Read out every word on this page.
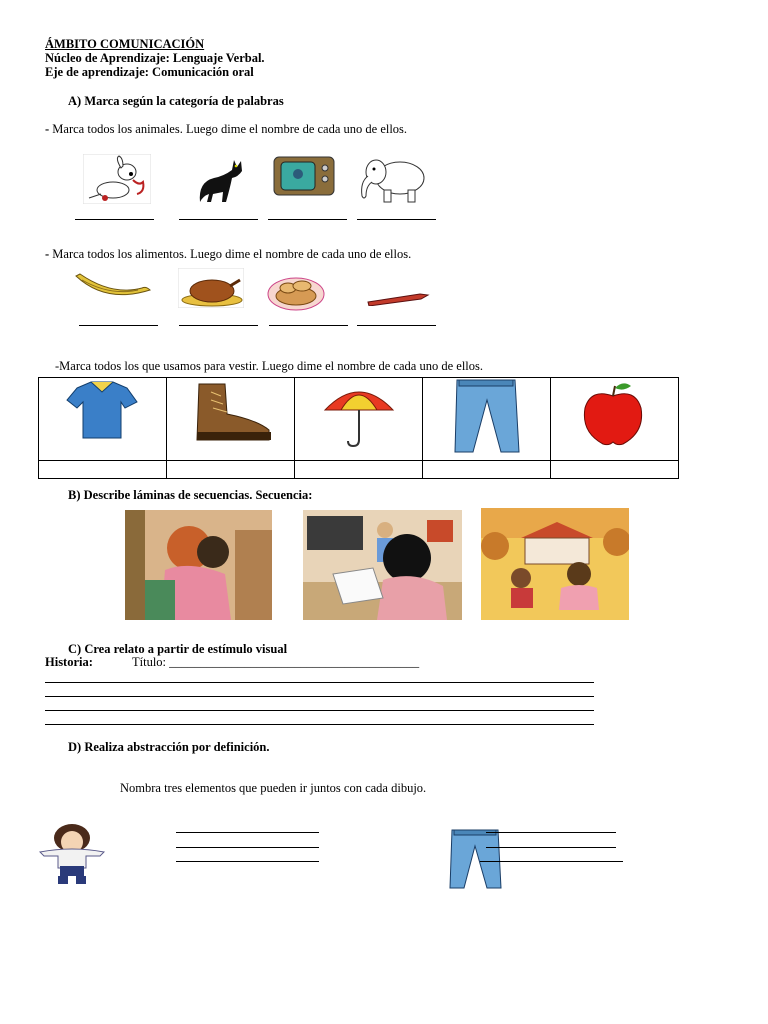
ÁMBITO COMUNICACIÓN
Núcleo de Aprendizaje: Lenguaje Verbal.
Eje de aprendizaje: Comunicación oral
A) Marca según la categoría de palabras
- Marca todos los animales. Luego dime el nombre de cada uno de ellos.
- Marca todos los alimentos. Luego dime el nombre de cada uno de ellos.
-Marca todos los que usamos para vestir. Luego dime el nombre de cada uno de ellos.

B) Describe láminas de secuencias. Secuencia:
C) Crea relato a partir de estímulo visual
Historia:	Título: ________________________________________
D) Realiza abstracción por definición.
Nombra tres elementos que pueden ir juntos con cada dibujo.
